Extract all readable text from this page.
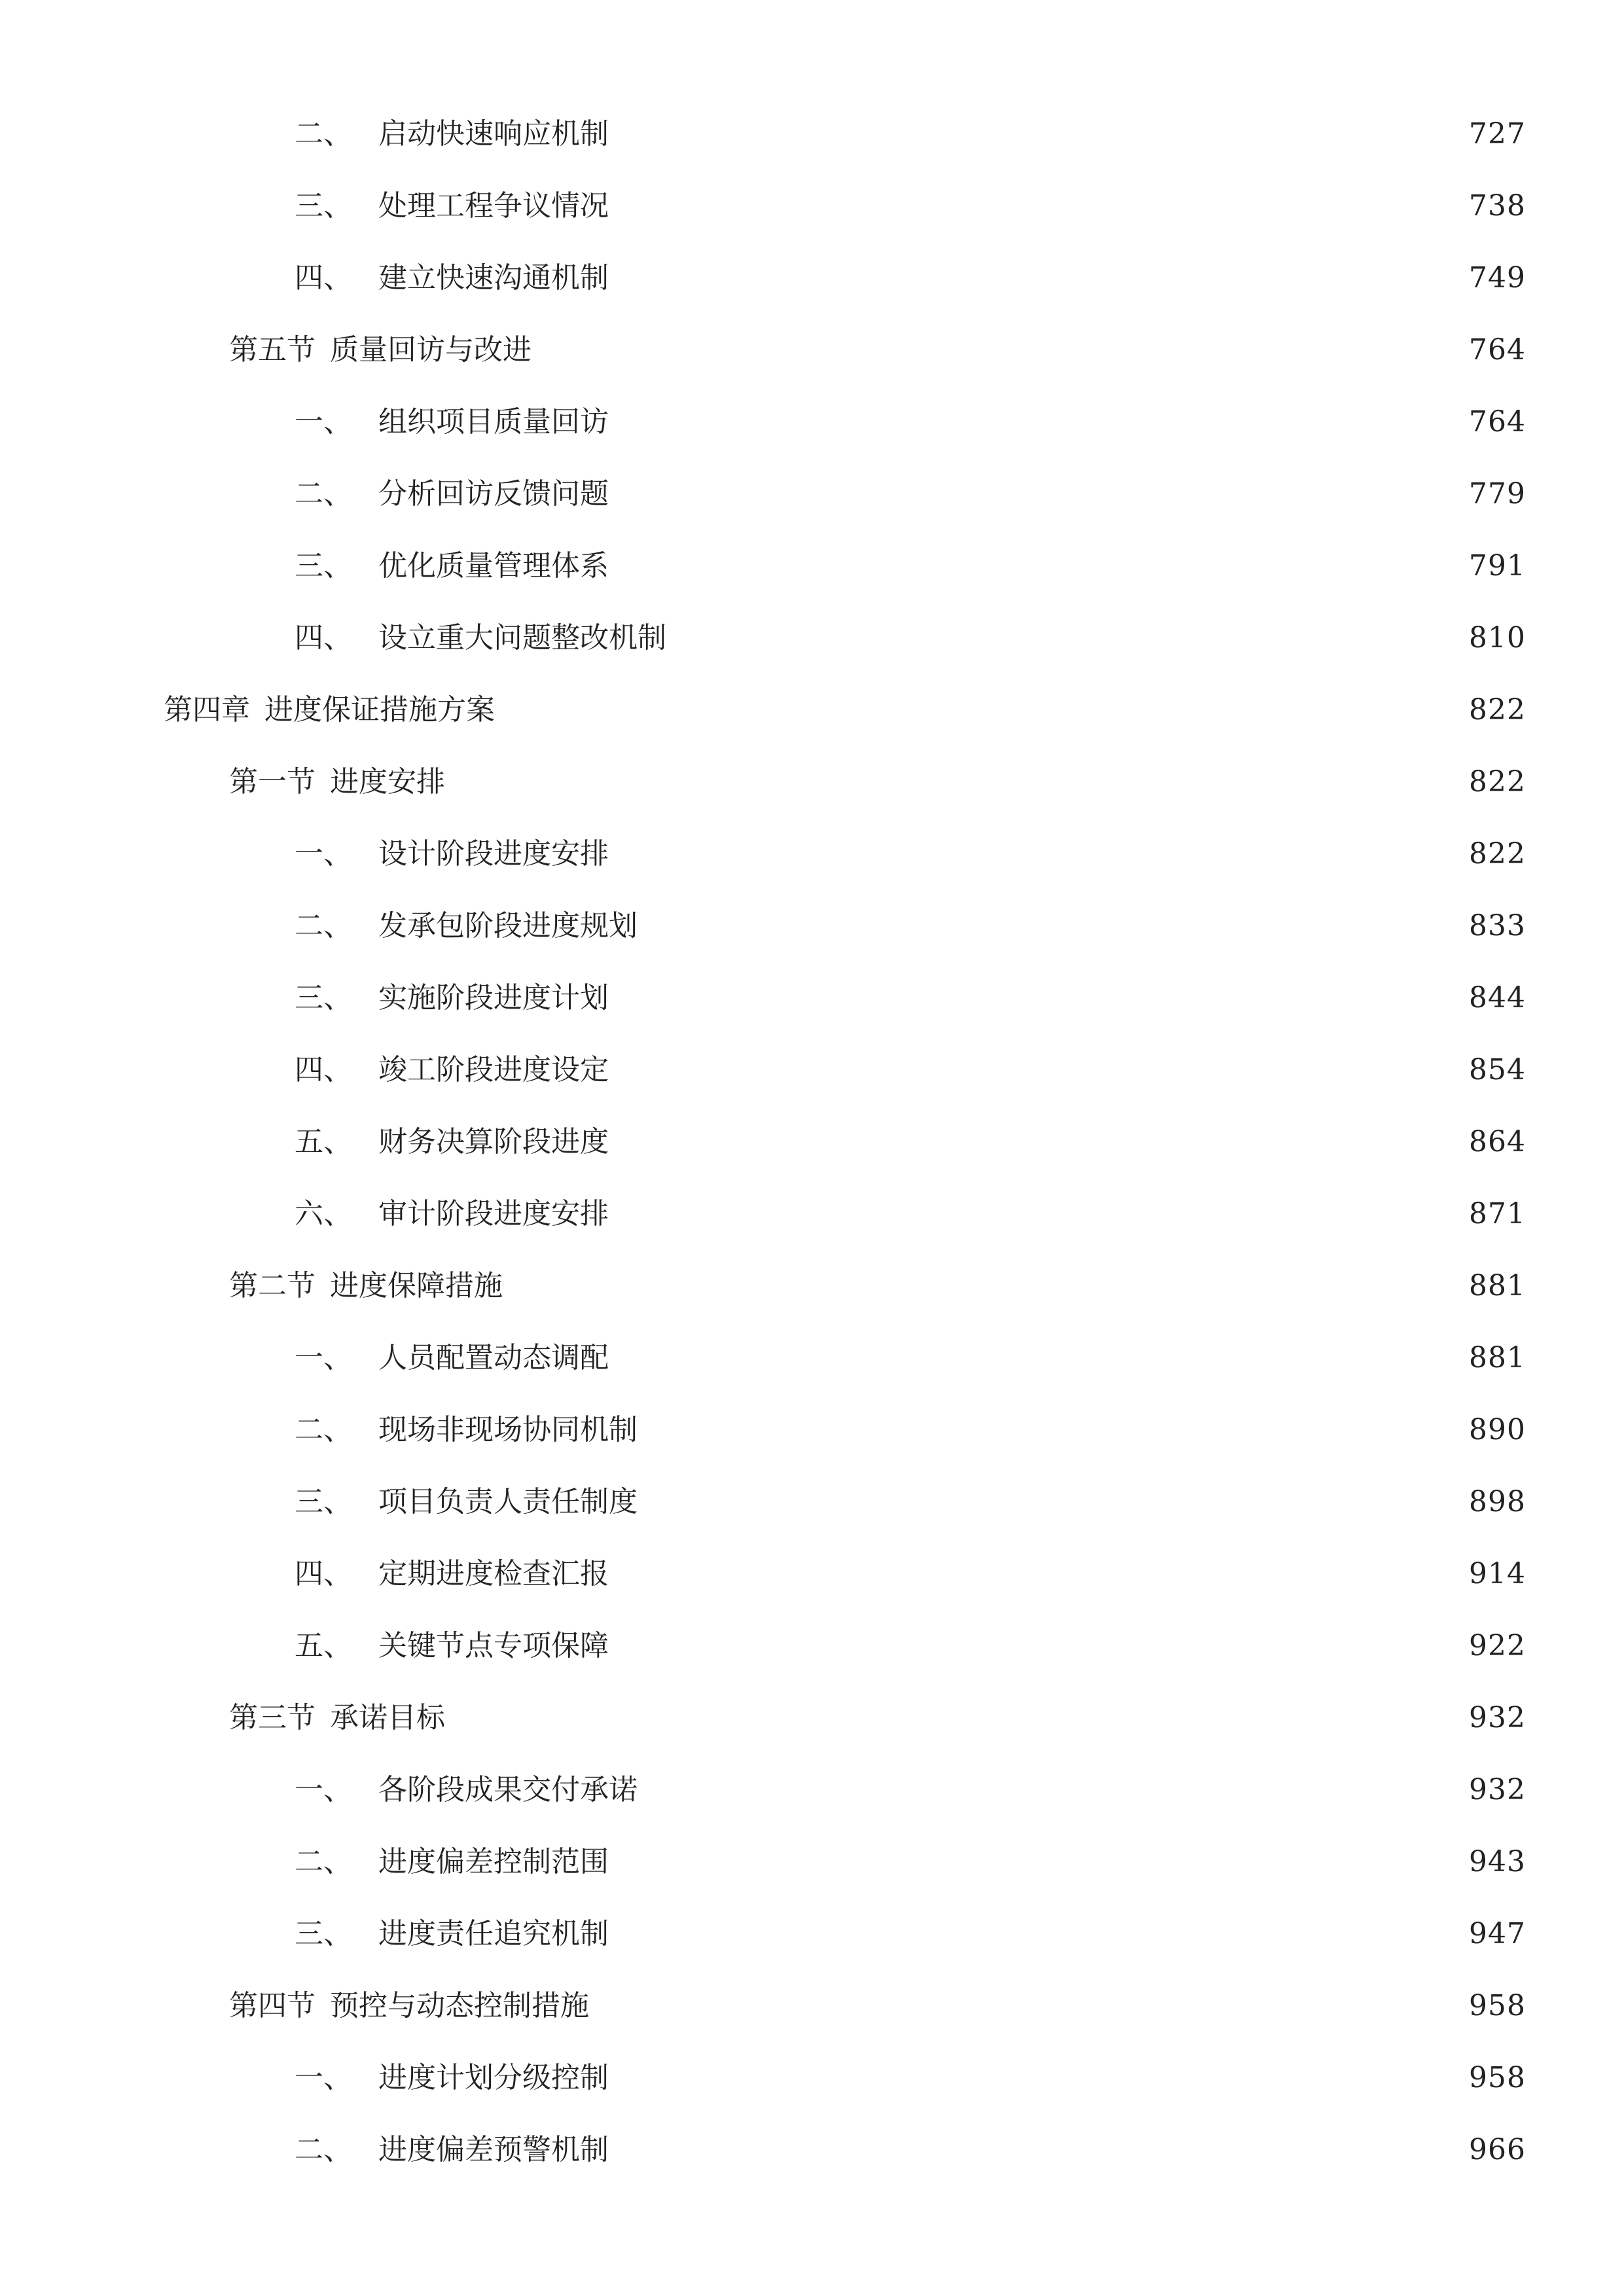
二、 启动快速响应机制	727
三、 处理工程争议情况	738
四、 建立快速沟通机制	749
第五节 质量回访与改进	764
一、 组织项目质量回访	764
二、 分析回访反馈问题	779
三、 优化质量管理体系	791
四、 设立重大问题整改机制	810
第四章 进度保证措施方案	822
第一节 进度安排	822
一、 设计阶段进度安排	822
二、 发承包阶段进度规划	833
三、 实施阶段进度计划	844
四、 竣工阶段进度设定	854
五、 财务决算阶段进度	864
六、 审计阶段进度安排	871
第二节 进度保障措施	881
一、 人员配置动态调配	881
二、 现场非现场协同机制	890
三、 项目负责人责任制度	898
四、 定期进度检查汇报	914
五、 关键节点专项保障	922
第三节 承诺目标	932
一、 各阶段成果交付承诺	932
二、 进度偏差控制范围	943
三、 进度责任追究机制	947
第四节 预控与动态控制措施	958
一、 进度计划分级控制	958
二、 进度偏差预警机制	966
